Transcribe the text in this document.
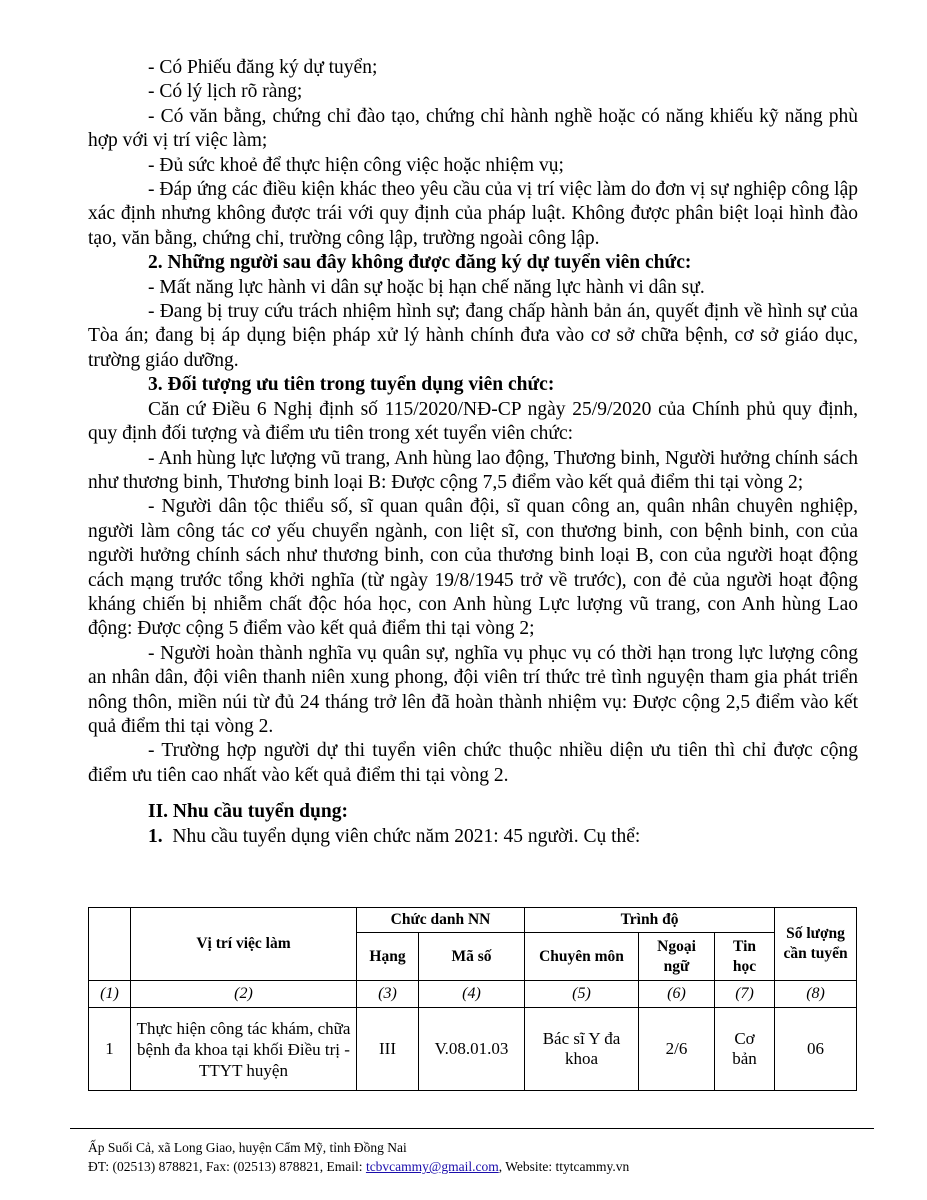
- Có Phiếu đăng ký dự tuyển;

- Có lý lịch rõ ràng;

- Có văn bằng, chứng chỉ đào tạo, chứng chỉ hành nghề hoặc có năng khiếu kỹ năng phù hợp với vị trí việc làm;

- Đủ sức khoẻ để thực hiện công việc hoặc nhiệm vụ;

- Đáp ứng các điều kiện khác theo yêu cầu của vị trí việc làm do đơn vị sự nghiệp công lập xác định nhưng không được trái với quy định của pháp luật. Không được phân biệt loại hình đào tạo, văn bằng, chứng chỉ, trường công lập, trường ngoài công lập.

2. Những người sau đây không được đăng ký dự tuyển viên chức:

- Mất năng lực hành vi dân sự hoặc bị hạn chế năng lực hành vi dân sự.

- Đang bị truy cứu trách nhiệm hình sự; đang chấp hành bản án, quyết định về hình sự của Tòa án; đang bị áp dụng biện pháp xử lý hành chính đưa vào cơ sở chữa bệnh, cơ sở giáo dục, trường giáo dưỡng.

3. Đối tượng ưu tiên trong tuyển dụng viên chức:

Căn cứ Điều 6 Nghị định số 115/2020/NĐ-CP ngày 25/9/2020 của Chính phủ quy định, quy định đối tượng và điểm ưu tiên trong xét tuyển viên chức:

- Anh hùng lực lượng vũ trang, Anh hùng lao động, Thương binh, Người hưởng chính sách như thương binh, Thương binh loại B: Được cộng 7,5 điểm vào kết quả điểm thi tại vòng 2;

- Người dân tộc thiểu số, sĩ quan quân đội, sĩ quan công an, quân nhân chuyên nghiệp, người làm công tác cơ yếu chuyển ngành, con liệt sĩ, con thương binh, con bệnh binh, con của người hưởng chính sách như thương binh, con của thương binh loại B, con của người hoạt động cách mạng trước tổng khởi nghĩa (từ ngày 19/8/1945 trở về trước), con đẻ của người hoạt động kháng chiến bị nhiễm chất độc hóa học, con Anh hùng Lực lượng vũ trang, con Anh hùng Lao động: Được cộng 5 điểm vào kết quả điểm thi tại vòng 2;

- Người hoàn thành nghĩa vụ quân sự, nghĩa vụ phục vụ có thời hạn trong lực lượng công an nhân dân, đội viên thanh niên xung phong, đội viên trí thức trẻ tình nguyện tham gia phát triển nông thôn, miền núi từ đủ 24 tháng trở lên đã hoàn thành nhiệm vụ: Được cộng 2,5 điểm vào kết quả điểm thi tại vòng 2.

- Trường hợp người dự thi tuyển viên chức thuộc nhiều diện ưu tiên thì chỉ được cộng điểm ưu tiên cao nhất vào kết quả điểm thi tại vòng 2.

II. Nhu cầu tuyển dụng:

1. Nhu cầu tuyển dụng viên chức năm 2021: 45 người. Cụ thể:

	Vị trí việc làm	Chức danh NN		Trình độ			Số lượng cần tuyển
		Hạng	Mã số	Chuyên môn	Ngoại ngữ	Tin học	
(1)	(2)	(3)	(4)	(5)	(6)	(7)	(8)
1	Thực hiện công tác khám, chữa bệnh đa khoa tại khối Điều trị - TTYT huyện	III	V.08.01.03	Bác sĩ Y đa khoa	2/6	Cơ bản	06
Ấp Suối Cả, xã Long Giao, huyện Cẩm Mỹ, tỉnh Đồng Nai
ĐT: (02513) 878821, Fax: (02513) 878821, Email: tcbvcammy@gmail.com, Website: ttytcammy.vn
